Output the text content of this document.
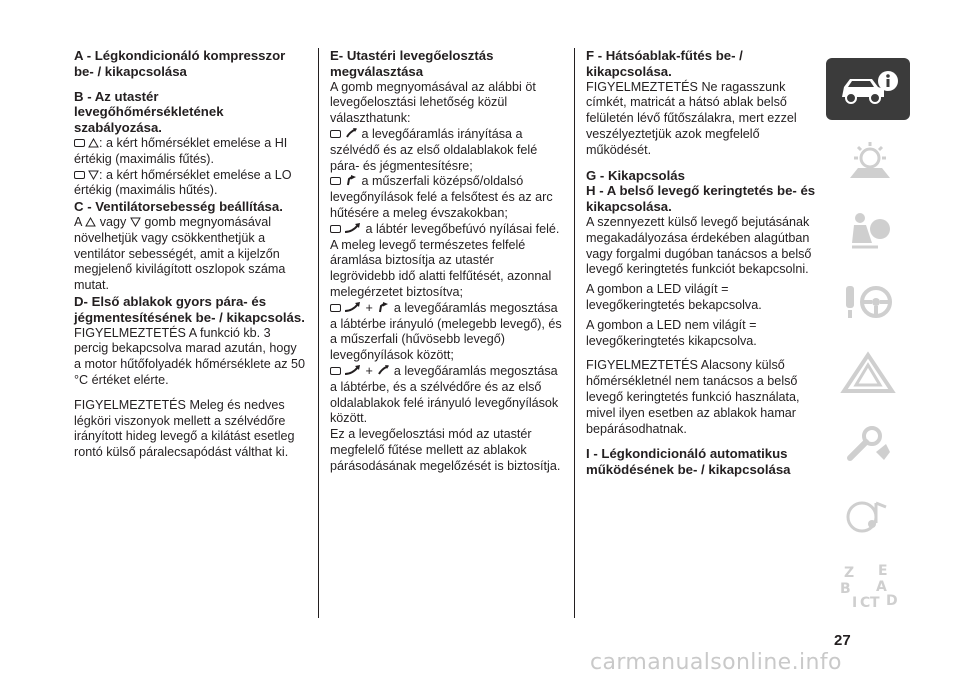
A - Légkondicionáló kompresszor be- / kikapcsolása
B - Az utastér levegőhőmérsékletének szabályozása.

: a kért hőmérséklet emelése a HI értékig (maximális fűtés).

: a kért hőmérséklet emelése a LO értékig (maximális hűtés).

C - Ventilátorsebesség beállítása.

A vagy gomb megnyomásával növelhetjük vagy csökkenthetjük a ventilátor sebességét, amit a kijelzőn megjelenő kivilágított oszlopok száma mutat.

D- Első ablakok gyors pára- és jégmentesítésének be- / kikapcsolás.

FIGYELMEZTETÉS A funkció kb. 3 percig bekapcsolva marad azután, hogy a motor hűtőfolyadék hőmérséklete az 50 °C értéket elérte.

FIGYELMEZTETÉS Meleg és nedves légköri viszonyok mellett a szélvédőre irányított hideg levegő a kilátást esetleg rontó külső páralecsapódást válthat ki.

E- Utastéri levegőelosztás megválasztása

A gomb megnyomásával az alábbi öt levegőelosztási lehetőség közül választhatunk:

a levegőáramlás irányítása a szélvédő és az első oldalablakok felé pára- és jégmentesítésre;

a műszerfali középső/oldalsó levegőnyílások felé a felsőtest és az arc hűtésére a meleg évszakokban;

a lábtér levegőbefúvó nyílásai felé. A meleg levegő természetes felfelé áramlása biztosítja az utastér legrövidebb idő alatti felfűtését, azonnal melegérzetet biztosítva;

+ a levegőáramlás megosztása a lábtérbe irányuló (melegebb levegő), és a műszerfali (hűvösebb levegő) levegőnyílások között;

+ a levegőáramlás megosztása a lábtérbe, és a szélvédőre és az első oldalablakok felé irányuló levegőnyílások között.

Ez a levegőelosztási mód az utastér megfelelő fűtése mellett az ablakok párásodásának megelőzését is biztosítja.

F - Hátsóablak-fűtés be- / kikapcsolása.

FIGYELMEZTETÉS Ne ragasszunk címkét, matricát a hátsó ablak belső felületén lévő fűtőszálakra, mert ezzel veszélyeztetjük azok megfelelő működését.

G - Kikapcsolás
H - A belső levegő keringtetés be- és kikapcsolása.

A szennyezett külső levegő bejutásának megakadályozása érdekében alagútban vagy forgalmi dugóban tanácsos a belső levegő keringtetés funkciót bekapcsolni.

A gombon a LED világít = levegőkeringtetés bekapcsolva.

A gombon a LED nem világít = levegőkeringtetés kikapcsolva.

FIGYELMEZTETÉS Alacsony külső hőmérsékletnél nem tanácsos a belső levegő keringtetés funkció használata, mivel ilyen esetben az ablakok hamar bepárásodhatnak.

I - Légkondicionáló automatikus működésének be- / kikapcsolása
Z E
B A
I C T D
27
carmanualsonline.info
